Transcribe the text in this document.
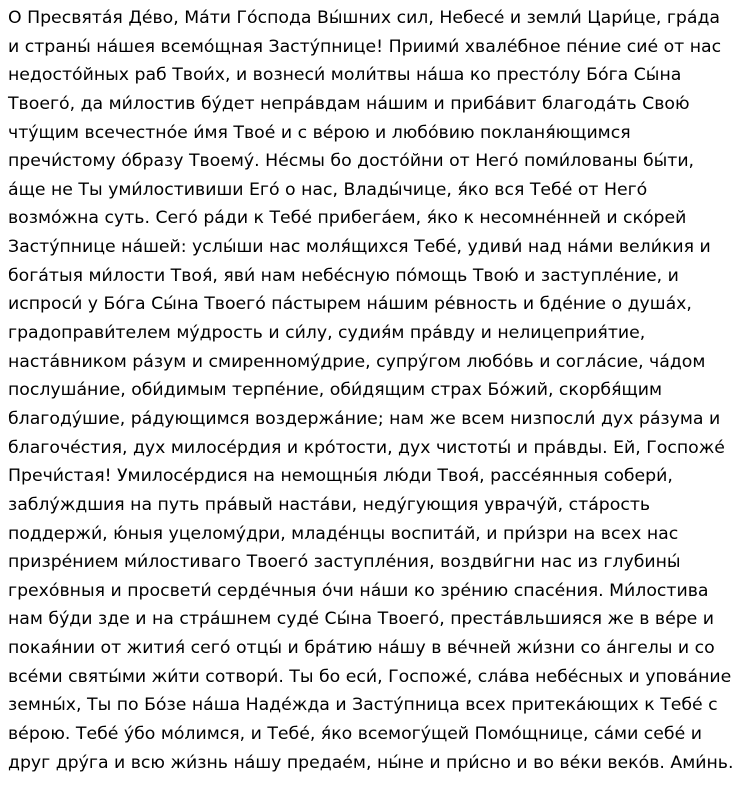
О Пресвята́я Де́во, Ма́ти Го́спода Вы́шних сил, Небесе́ и земли́ Цари́це, гра́да
и страны́ на́шея всемо́щная Засту́пнице! Приими́ хвале́бное пе́ние сие́ от нас
недосто́йных раб Твои́х, и вознеси́ моли́твы на́ша ко престо́лу Бо́га Сы́на
Твоего́, да ми́лостив бу́дет непра́вдам на́шим и приба́вит благода́ть Свою́
чту́щим всечестно́е и́мя Твое́ и с ве́рою и любо́вию покланя́ющимся
пречи́стому о́бразу Твоему́. Не́смы бо досто́йни от Него́ поми́лованы бы́ти,
а́ще не Ты уми́лостивиши Его́ о нас, Влады́чице, я́ко вся Тебе́ от Него́
возмо́жна суть. Сего́ ра́ди к Тебе́ прибега́ем, я́ко к несомне́нней и ско́рей
Засту́пнице на́шей: услы́ши нас моля́щихся Тебе́, удиви́ над на́ми вели́кия и
бога́тыя ми́лости Твоя́, яви́ нам небе́сную по́мощь Твою́ и заступле́ние, и
испроси́ у Бо́га Сы́на Твоего́ па́стырем на́шим ре́вность и бде́ние о душа́х,
градоправи́телем му́дрость и си́лу, судия́м пра́вду и нелицеприя́тие,
наста́вником ра́зум и смиренному́дрие, супру́гом любо́вь и согла́сие, ча́дом
послуша́ние, оби́димым терпе́ние, оби́дящим страх Бо́жий, скорбя́щим
благоду́шие, ра́дующимся воздержа́ние; нам же всем низпосли́ дух ра́зума и
благоче́стия, дух милосе́рдия и кро́тости, дух чистоты́ и пра́вды. Ей, Госпоже́
Пречи́стая! Умилосе́рдися на немощны́я лю́ди Твоя́, рассе́янныя собери́,
заблу́ждшия на путь пра́вый наста́ви, неду́гующия уврачу́й, ста́рость
поддержи́, ю́ныя уцелому́дри, младе́нцы воспита́й, и при́зри на всех нас
призре́нием ми́лостиваго Твоего́ заступле́ния, воздви́гни нас из глубины́
грехо́вныя и просвети́ серде́чныя о́чи на́ши ко зре́нию спасе́ния. Ми́лостива
нам бу́ди зде и на стра́шнем суде́ Сы́на Твоего́, преста́вльшияся же в ве́ре и
покая́нии от жития́ сего́ отцы́ и бра́тию на́шу в ве́чней жи́зни со а́нгелы и со
все́ми святы́ми жи́ти сотвори́. Ты бо еси́, Госпоже́, сла́ва небе́сных и упова́ние
земны́х, Ты по Бо́зе на́ша Наде́жда и Засту́пница всех притека́ющих к Тебе́ с
ве́рою. Тебе́ у́бо мо́лимся, и Тебе́, я́ко всемогу́щей Помо́щнице, са́ми себе́ и
друг дру́га и всю жи́знь на́шу предае́м, ны́не и при́сно и во ве́ки веко́в. Ами́нь.
